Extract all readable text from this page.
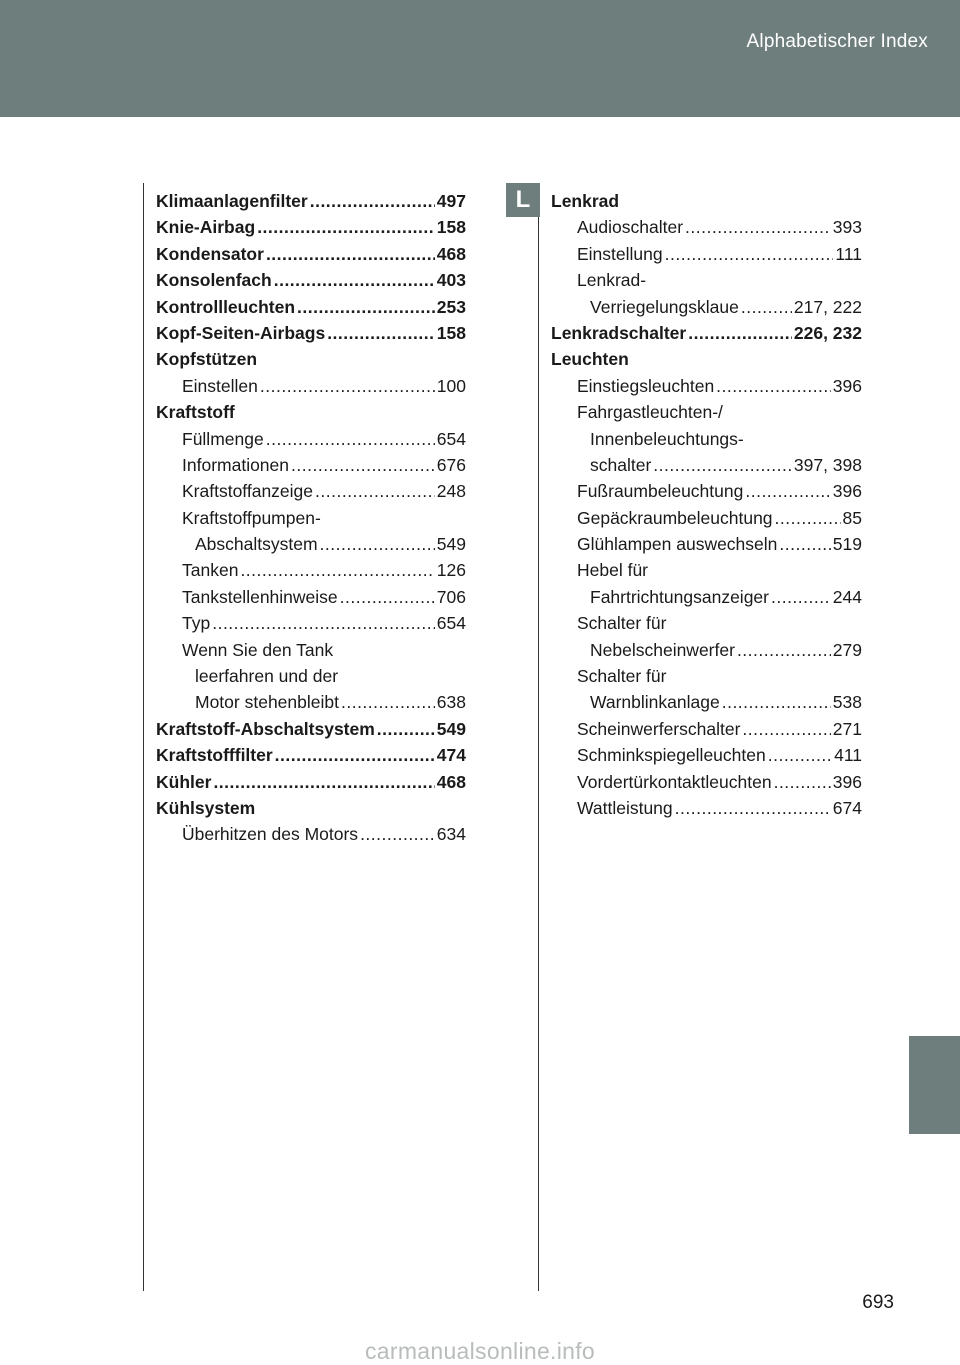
Alphabetischer Index
L
Klimaanlagenfilter .....	497
Knie-Airbag .....	158
Kondensator .....	468
Konsolenfach .....	403
Kontrollleuchten .....	253
Kopf-Seiten-Airbags .....	158
Kopfstützen
Einstellen .....	100
Kraftstoff
Füllmenge .....	654
Informationen .....	676
Kraftstoffanzeige .....	248
Kraftstoffpumpen-
Abschaltsystem .....	549
Tanken .....	126
Tankstellenhinweise .....	706
Typ .....	654
Wenn Sie den Tank
leerfahren und der
Motor stehenbleibt .....	638
Kraftstoff-Abschaltsystem .....	549
Kraftstofffilter .....	474
Kühler .....	468
Kühlsystem
Überhitzen des Motors .....	634
Lenkrad
Audioschalter .....	393
Einstellung .....	111
Lenkrad-
Verriegelungsklaue .....	217, 222
Lenkradschalter .....	226, 232
Leuchten
Einstiegsleuchten .....	396
Fahrgastleuchten-/
Innenbeleuchtungs-
schalter .....	397, 398
Fußraumbeleuchtung .....	396
Gepäckraumbeleuchtung .....	85
Glühlampen auswechseln .....	519
Hebel für
Fahrtrichtungsanzeiger .....	244
Schalter für
Nebelscheinwerfer .....	279
Schalter für
Warnblinkanlage .....	538
Scheinwerferschalter .....	271
Schminkspiegelleuchten .....	411
Vordertürkontaktleuchten .....	396
Wattleistung .....	674
693
carmanualsonline.info
